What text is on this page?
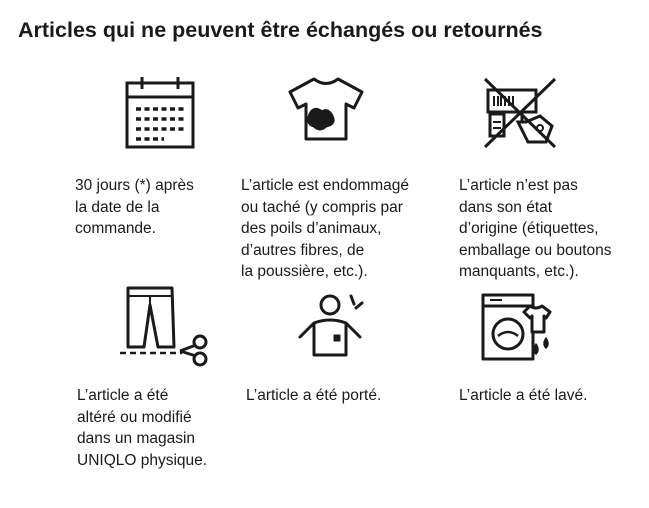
Articles qui ne peuvent être échangés ou retournés

30 jours (*) après
la date de la
commande.

L’article est endommagé
ou taché (y compris par
des poils d’animaux,
d’autres fibres, de
la poussière, etc.).

L’article n’est pas
dans son état
d’origine (étiquettes,
emballage ou boutons
manquants, etc.).

L’article a été
altéré ou modifié
dans un magasin
UNIQLO physique.

L’article a été porté.	L’article a été lavé.
